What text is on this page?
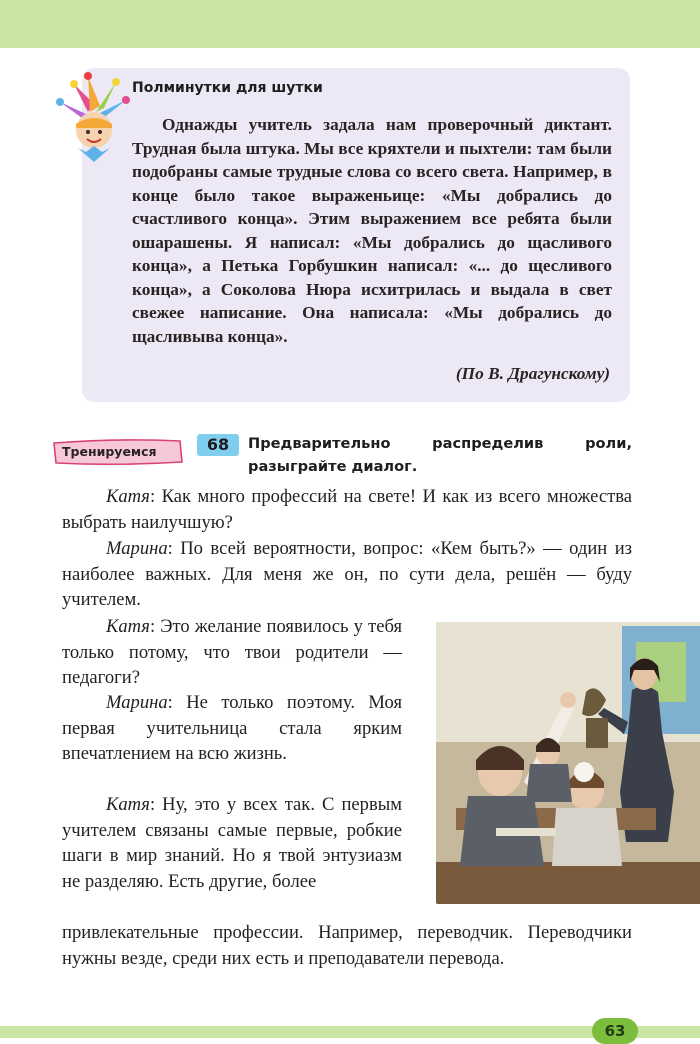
Полминутки для шутки

Однажды учитель задала нам проверочный диктант. Трудная была штука. Мы все кряхтели и пыхтели: там были подобраны самые трудные слова со всего света. Например, в конце было такое выраженьице: «Мы добрались до счастливого конца». Этим выражением все ребята были ошарашены. Я написал: «Мы добрались до щасливого конца», а Петька Горбушкин написал: «... до щесливого конца», а Соколова Нюра исхитрилась и выдала в свет свежее написание. Она написала: «Мы добрались до щасливыва конца».

(По В. Драгунскому)

Тренируемся	68	Предварительно распределив роли, разыграйте диалог.

Катя: Как много профессий на свете! И как из всего множества выбрать наилучшую?

Марина: По всей вероятности, вопрос: «Кем быть?» — один из наиболее важных. Для меня же он, по сути дела, решён — буду учителем.

Катя: Это желание появилось у тебя только потому, что твои родители — педагоги?

Марина: Не только поэтому. Моя первая учительница стала ярким впечатлением на всю жизнь.

Катя: Ну, это у всех так. С первым учителем связаны самые первые, робкие шаги в мир знаний. Но я твой энтузиазм не разделяю. Есть другие, более

привлекательные профессии. Например, переводчик. Переводчики нужны везде, среди них есть и преподаватели перевода.

63
